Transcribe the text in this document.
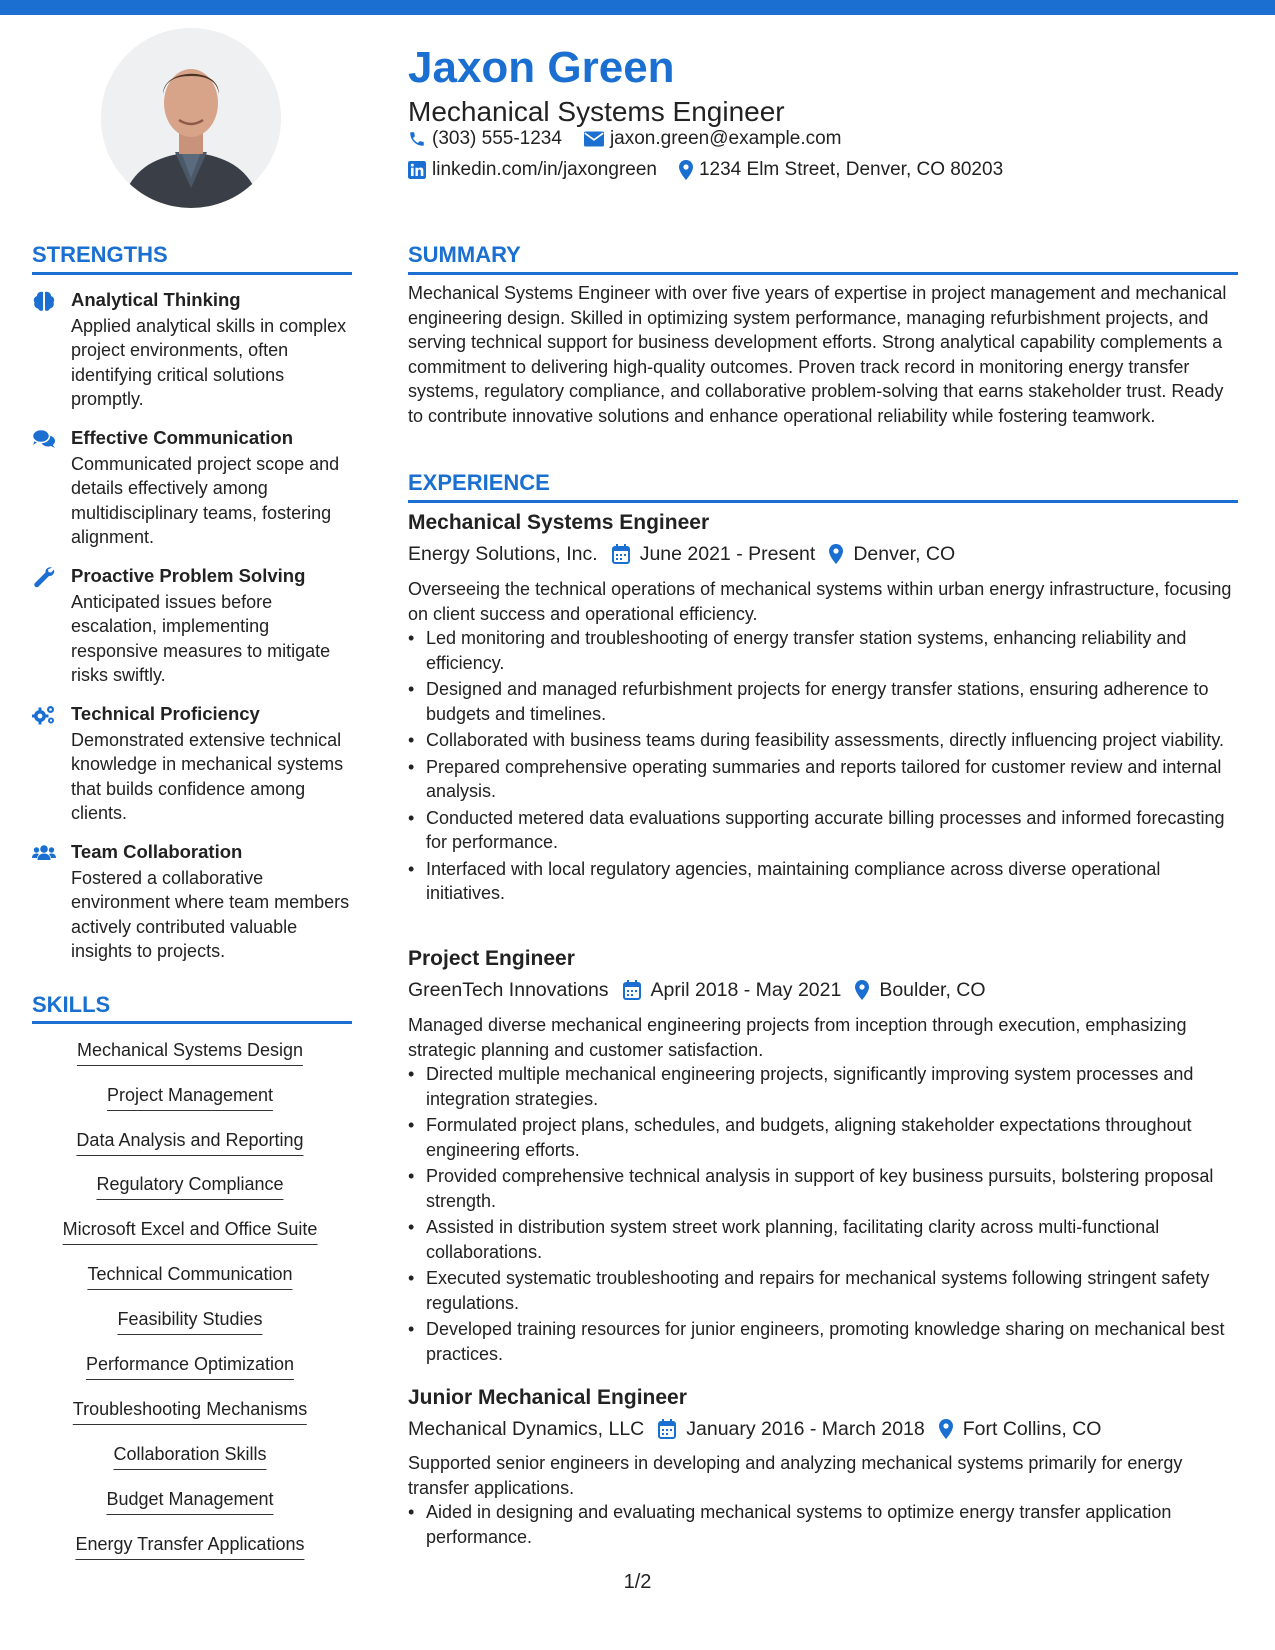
Jaxon Green
Mechanical Systems Engineer
(303) 555-1234	jaxon.green@example.com
linkedin.com/in/jaxongreen 1234 Elm Street, Denver, CO 80203
STRENGTHS
Analytical Thinking
Applied analytical skills in complex project environments, often identifying critical solutions promptly.
Effective Communication
Communicated project scope and details effectively among multidisciplinary teams, fostering alignment.
Proactive Problem Solving
Anticipated issues before escalation, implementing responsive measures to mitigate risks swiftly.
Technical Proficiency
Demonstrated extensive technical knowledge in mechanical systems that builds confidence among clients.
Team Collaboration
Fostered a collaborative environment where team members actively contributed valuable insights to projects.
SKILLS
Mechanical Systems Design
Project Management
Data Analysis and Reporting
Regulatory Compliance
Microsoft Excel and Office Suite
Technical Communication
Feasibility Studies
Performance Optimization
Troubleshooting Mechanisms
Collaboration Skills
Budget Management
Energy Transfer Applications
SUMMARY
Mechanical Systems Engineer with over five years of expertise in project management and mechanical engineering design. Skilled in optimizing system performance, managing refurbishment projects, and serving technical support for business development efforts. Strong analytical capability complements a commitment to delivering high-quality outcomes. Proven track record in monitoring energy transfer systems, regulatory compliance, and collaborative problem-solving that earns stakeholder trust. Ready to contribute innovative solutions and enhance operational reliability while fostering teamwork.
EXPERIENCE
Mechanical Systems Engineer
Energy Solutions, Inc. June 2021 - Present Denver, CO
Overseeing the technical operations of mechanical systems within urban energy infrastructure, focusing on client success and operational efficiency.
• Led monitoring and troubleshooting of energy transfer station systems, enhancing reliability and efficiency.
• Designed and managed refurbishment projects for energy transfer stations, ensuring adherence to budgets and timelines.
• Collaborated with business teams during feasibility assessments, directly influencing project viability.
• Prepared comprehensive operating summaries and reports tailored for customer review and internal analysis.
• Conducted metered data evaluations supporting accurate billing processes and informed forecasting for performance.
• Interfaced with local regulatory agencies, maintaining compliance across diverse operational initiatives.
Project Engineer
GreenTech Innovations April 2018 - May 2021 Boulder, CO
Managed diverse mechanical engineering projects from inception through execution, emphasizing strategic planning and customer satisfaction.
• Directed multiple mechanical engineering projects, significantly improving system processes and integration strategies.
• Formulated project plans, schedules, and budgets, aligning stakeholder expectations throughout engineering efforts.
• Provided comprehensive technical analysis in support of key business pursuits, bolstering proposal strength.
• Assisted in distribution system street work planning, facilitating clarity across multi-functional collaborations.
• Executed systematic troubleshooting and repairs for mechanical systems following stringent safety regulations.
• Developed training resources for junior engineers, promoting knowledge sharing on mechanical best practices.
Junior Mechanical Engineer
Mechanical Dynamics, LLC January 2016 - March 2018 Fort Collins, CO
Supported senior engineers in developing and analyzing mechanical systems primarily for energy transfer applications.
• Aided in designing and evaluating mechanical systems to optimize energy transfer application performance.
1/2
